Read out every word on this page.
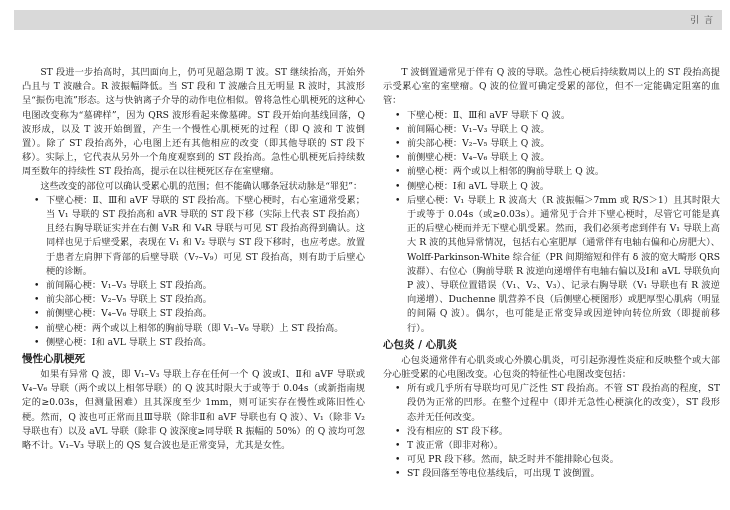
引 言

ST 段进一步抬高时，其凹面向上，仍可见超急期 T 波。ST 继续抬高，开始外凸且与 T 波融合。R 波振幅降低。当 ST 段和 T 波融合且无明显 R 波时，其波形呈“振伤电流”形态。这与快钠离子介导的动作电位相似。曾将急性心肌梗死的这种心电图改变称为“墓碑样”，因为 QRS 波形看起来像墓碑。ST 段开始向基线回落，Q 波形成，以及 T 波开始倒置，产生一个慢性心肌梗死的过程（即 Q 波和 T 波倒置）。除了 ST 段抬高外，心电图上还有其他相应的改变（即其他导联的 ST 段下移）。实际上，它代表从另外一个角度观察到的 ST 段抬高。急性心肌梗死后持续数周至数年的持续性 ST 段抬高，提示在以往梗死区存在室壁瘤。

这些改变的部位可以确认受累心肌的范围；但不能确认哪条冠状动脉是“罪犯”：

• 下壁心梗：Ⅱ、Ⅲ和 aVF 导联的 ST 段抬高。下壁心梗时，右心室通常受累；当 V₁ 导联的 ST 段抬高和 aVR 导联的 ST 段下移（实际上代表 ST 段抬高）且经右胸导联证实并在右侧 V₃R 和 V₄R 导联与可见 ST 段抬高得到确认。这同样也见于后壁受累，表现在 V₁ 和 V₂ 导联与 ST 段下移时，也应考虑。放置于患者左肩胛下背部的后壁导联（V₇–V₉）可见 ST 段抬高，则有助于后壁心梗的诊断。
• 前间隔心梗：V₁–V₃ 导联上 ST 段抬高。
• 前尖部心梗：V₂–V₅ 导联上 ST 段抬高。
• 前侧壁心梗：V₄–V₆ 导联上 ST 段抬高。
• 前壁心梗：两个或以上相邻的胸前导联（即 V₁–V₆ 导联）上 ST 段抬高。
• 侧壁心梗：Ⅰ和 aVL 导联上 ST 段抬高。
慢性心肌梗死

如果有异常 Q 波，即 V₁–V₃ 导联上存在任何一个 Q 波或Ⅰ、Ⅱ和 aVF 导联或 V₄–V₆ 导联（两个或以上相邻导联）的 Q 波其时限大于或等于 0.04s（或新指南规定的≥0.03s，但测量困难）且其深度至少 1mm，则可证实存在慢性或陈旧性心梗。然而，Q 波也可正常而且Ⅲ导联（除非Ⅱ和 aVF 导联也有 Q 波）、V₁（除非 V₂ 导联也有）以及 aVL 导联（除非 Q 波深度≥同导联 R 振幅的 50%）的 Q 波均可忽略不计。V₁–V₃ 导联上的 QS 复合波也是正常变异，尤其是女性。

T 波倒置通常见于伴有 Q 波的导联。急性心梗后持续数周以上的 ST 段抬高提示受累心室的室壁瘤。Q 波的位置可确定受累的部位，但不一定能确定阻塞的血管：

• 下壁心梗：Ⅱ、Ⅲ和 aVF 导联下 Q 波。
• 前间隔心梗：V₁–V₃ 导联上 Q 波。
• 前尖部心梗：V₂–V₅ 导联上 Q 波。
• 前侧壁心梗：V₄–V₆ 导联上 Q 波。
• 前壁心梗：两个或以上相邻的胸前导联上 Q 波。
• 侧壁心梗：Ⅰ和 aVL 导联上 Q 波。
• 后壁心梗：V₁ 导联上 R 波高大（R 波振幅＞7mm 或 R/S＞1）且其时限大于或等于 0.04s（或≥0.03s）。通常见于合并下壁心梗时，尽管它可能是真正的后壁心梗而并无下壁心肌受累。然而，我们必须考虑到伴有 V₁ 导联上高大 R 波的其他异常情况，包括右心室肥厚（通常伴有电轴右偏和心房肥大）、Wolff-Parkinson-White 综合征（PR 间期缩短和伴有 δ 波的宽大畸形 QRS 波群）、右位心（胸前导联 R 波逆向递增伴有电轴右偏以及Ⅰ和 aVL 导联负向 P 波）、导联位置错误（V₁、V₂、V₃）、记录右胸导联（V₁ 导联也有 R 波逆向递增）、Duchenne 肌营养不良（后侧壁心梗图形）或肥厚型心肌病（明显的间隔 Q 波）。偶尔，也可能是正常变异或因逆钟向转位所致（即提前移行）。
心包炎 / 心肌炎

心包炎通常伴有心肌炎或心外膜心肌炎，可引起弥漫性炎症和反映整个或大部分心脏受累的心电图改变。心包炎的特征性心电图改变包括：

• 所有或几乎所有导联均可见广泛性 ST 段抬高。不管 ST 段抬高的程度，ST 段仍为正常的凹形。在整个过程中（即并无急性心梗演化的改变），ST 段形态并无任何改变。
• 没有相应的 ST 段下移。
• T 波正常（即非对称）。
• 可见 PR 段下移。然而，缺乏时并不能排除心包炎。
• ST 段回落至等电位基线后，可出现 T 波倒置。
